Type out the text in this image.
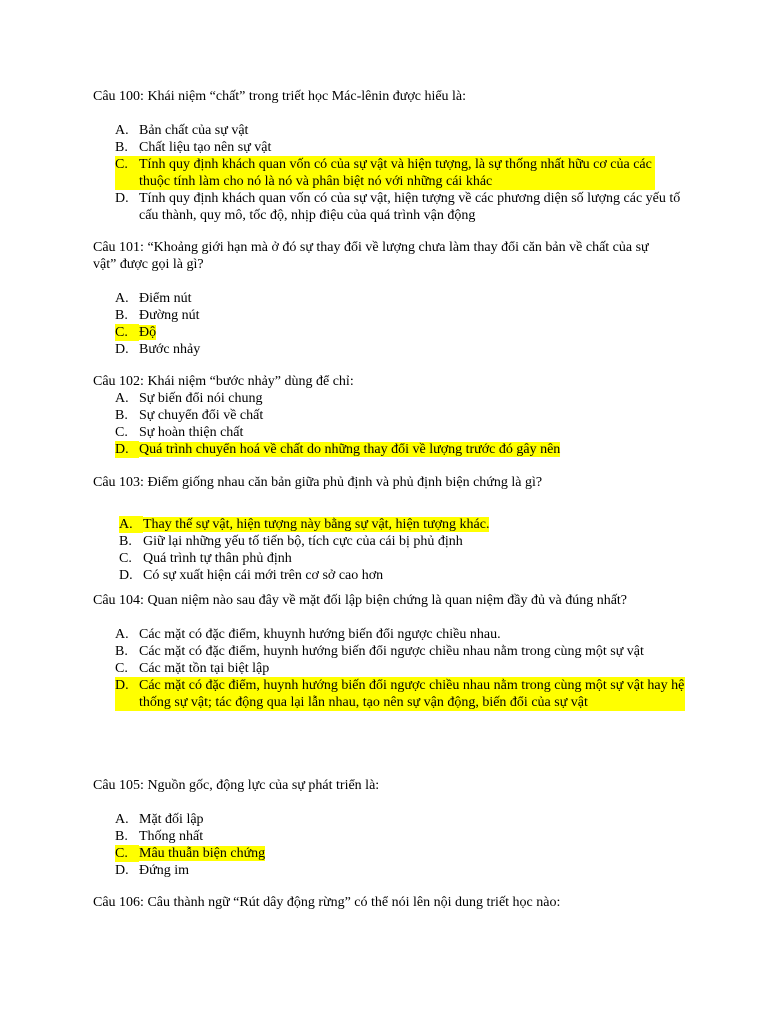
Câu 100: Khái niệm “chất” trong triết học Mác-lênin được hiểu là:

A. Bản chất của sự vật
B. Chất liệu tạo nên sự vật
C. Tính quy định khách quan vốn có của sự vật và hiện tượng, là sự thống nhất hữu cơ của các thuộc tính làm cho nó là nó và phân biệt nó với những cái khác
D. Tính quy định khách quan vốn có của sự vật, hiện tượng về các phương diện số lượng các yếu tố cấu thành, quy mô, tốc độ, nhịp điệu của quá trình vận động

Câu 101: “Khoảng giới hạn mà ở đó sự thay đổi về lượng chưa làm thay đổi căn bản về chất của sự vật” được gọi là gì?

A. Điểm nút
B. Đường nút
C. Độ
D. Bước nhảy

Câu 102: Khái niệm “bước nhảy” dùng để chỉ:

A. Sự biến đổi nói chung
B. Sự chuyển đổi về chất
C. Sự hoàn thiện chất
D. Quá trình chuyển hoá về chất do những thay đổi về lượng trước đó gây nên

Câu 103: Điểm giống nhau căn bản giữa phủ định và phủ định biện chứng là gì?

A. Thay thế sự vật, hiện tượng này bằng sự vật, hiện tượng khác.
B. Giữ lại những yếu tố tiến bộ, tích cực của cái bị phủ định
C. Quá trình tự thân phủ định
D. Có sự xuất hiện cái mới trên cơ sở cao hơn

Câu 104: Quan niệm nào sau đây về mặt đối lập biện chứng là quan niệm đầy đủ và đúng nhất?

A. Các mặt có đặc điểm, khuynh hướng biến đổi ngược chiều nhau.
B. Các mặt có đặc điểm, huynh hướng biến đổi ngược chiều nhau nằm trong cùng một sự vật
C. Các mặt tồn tại biệt lập
D. Các mặt có đặc điểm, huynh hướng biến đổi ngược chiều nhau nằm trong cùng một sự vật hay hệ thống sự vật; tác động qua lại lẫn nhau, tạo nên sự vận động, biến đổi của sự vật

Câu 105: Nguồn gốc, động lực của sự phát triển là:

A. Mặt đối lập
B. Thống nhất
C. Mâu thuẫn biện chứng
D. Đứng im

Câu 106: Câu thành ngữ “Rút dây động rừng” có thể nói lên nội dung triết học nào:
